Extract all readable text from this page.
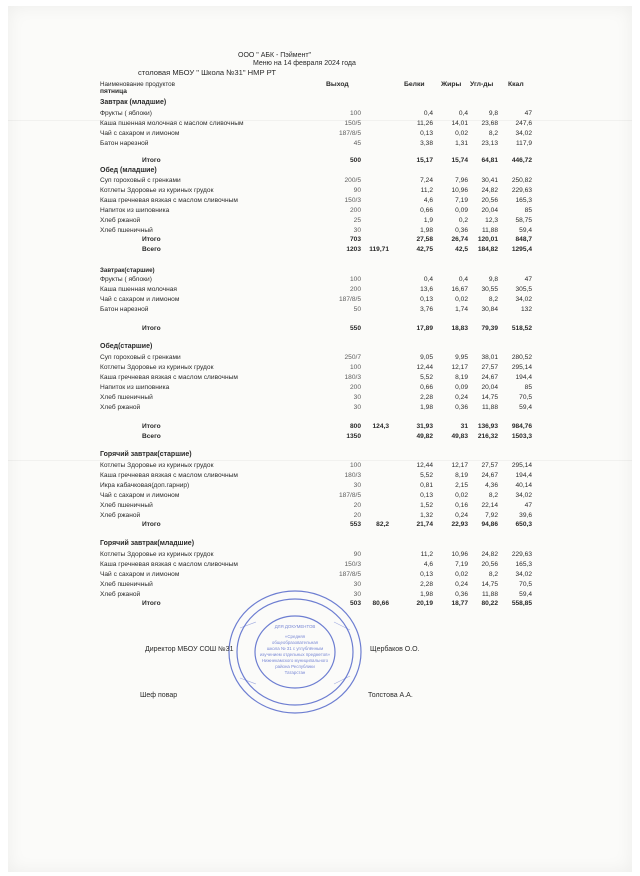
ООО " АБК - Пэймент"
Меню на 14 февраля 2024 года
столовая МБОУ " Школа №31" НМР РТ
Наименование продуктов	Выход	Белки Жиры Угл-ды Ккал
пятница
Завтрак (младшие)
Фрукты ( яблоки)	100	0,4	0,4	9,8	47
Каша пшенная молочная с маслом сливочным	150/5	11,26	14,01	23,68	247,6
Чай с сахаром и лимоном	187/8/5	0,13	0,02	8,2	34,02
Батон нарезной	45	3,38	1,31	23,13	117,9
Итого	500	15,17	15,74	64,81	446,72
Обед (младшие)
Суп гороховый с гренками	200/5	7,24	7,96	30,41	250,82
Котлеты Здоровье из куриных грудок	90	11,2	10,96	24,82	229,63
Каша гречневая вязкая с маслом сливочным	150/3	4,6	7,19	20,56	165,3
Напиток из шиповника	200	0,66	0,09	20,04	85
Хлеб ржаной	25	1,9	0,2	12,3	58,75
Хлеб пшеничный	30	1,98	0,36	11,88	59,4
Итого	703	27,58	26,74	120,01	848,7
Всего	1203	119,71	42,75	42,5	184,82	1295,4
Завтрак(старшие)
Фрукты ( яблоки)	100	0,4	0,4	9,8	47
Каша пшенная молочная	200	13,6	16,67	30,55	305,5
Чай с сахаром и лимоном	187/8/5	0,13	0,02	8,2	34,02
Батон нарезной	50	3,76	1,74	30,84	132
Итого	550	17,89	18,83	79,39	518,52
Обед(старшие)
Суп гороховый с гренками	250/7	9,05	9,95	38,01	280,52
Котлеты Здоровье из куриных грудок	100	12,44	12,17	27,57	295,14
Каша гречневая вязкая с маслом сливочным	180/3	5,52	8,19	24,67	194,4
Напиток из шиповника	200	0,66	0,09	20,04	85
Хлеб пшеничный	30	2,28	0,24	14,75	70,5
Хлеб ржаной	30	1,98	0,36	11,88	59,4
Итого	800	124,3	31,93	31	136,93	984,76
Всего	1350	49,82	49,83	216,32	1503,3
Горячий завтрак(старшие)
Котлеты Здоровье из куриных грудок	100	12,44	12,17	27,57	295,14
Каша гречневая вязкая с маслом сливочным	180/3	5,52	8,19	24,67	194,4
Икра кабачковая(доп.гарнир)	30	0,81	2,15	4,36	40,14
Чай с сахаром и лимоном	187/8/5	0,13	0,02	8,2	34,02
Хлеб пшеничный	20	1,52	0,16	22,14	47
Хлеб ржаной	20	1,32	0,24	7,92	39,6
Итого	553	82,2	21,74	22,93	94,86	650,3
Горячий завтрак(младшие)
Котлеты Здоровье из куриных грудок	90	11,2	10,96	24,82	229,63
Каша гречневая вязкая с маслом сливочным	150/3	4,6	7,19	20,56	165,3
Чай с сахаром и лимоном	187/8/5	0,13	0,02	8,2	34,02
Хлеб пшеничный	30	2,28	0,24	14,75	70,5
Хлеб ржаной	30	1,98	0,36	11,88	59,4
Итого	503	80,66	20,19	18,77	80,22	558,85
ДЛЯ ДОКУМЕНТОВ
«Средняя
общеобразовательная
школа № 31 с углублённым
изучением отдельных предметов»
Нижнекамского муниципального
района Республики
Татарстан
Директор МБОУ СОШ №31	Щербаков О.О.
Шеф повар	Толстова А.А.
